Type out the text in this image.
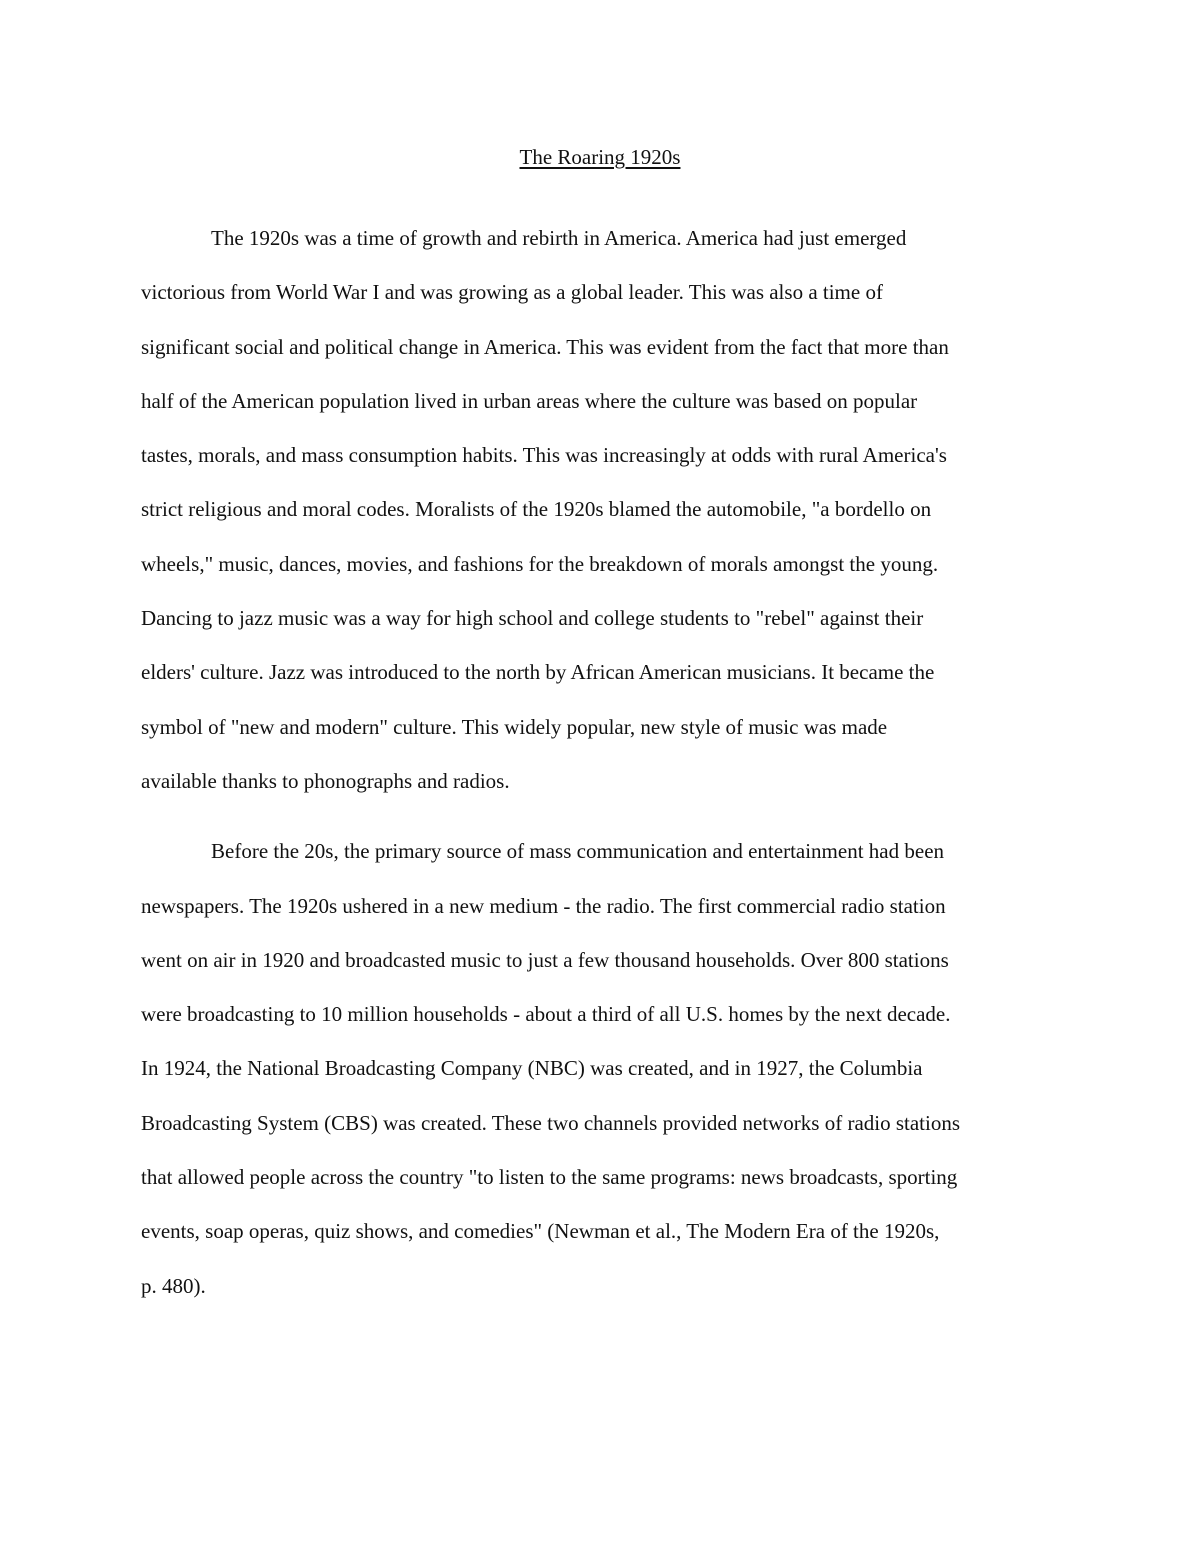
The Roaring 1920s

The 1920s was a time of growth and rebirth in America. America had just emerged
victorious from World War I and was growing as a global leader. This was also a time of
significant social and political change in America. This was evident from the fact that more than
half of the American population lived in urban areas where the culture was based on popular
tastes, morals, and mass consumption habits. This was increasingly at odds with rural America's
strict religious and moral codes. Moralists of the 1920s blamed the automobile, "a bordello on
wheels," music, dances, movies, and fashions for the breakdown of morals amongst the young.
Dancing to jazz music was a way for high school and college students to "rebel" against their
elders' culture. Jazz was introduced to the north by African American musicians. It became the
symbol of "new and modern" culture. This widely popular, new style of music was made
available thanks to phonographs and radios.

Before the 20s, the primary source of mass communication and entertainment had been
newspapers. The 1920s ushered in a new medium - the radio. The first commercial radio station
went on air in 1920 and broadcasted music to just a few thousand households. Over 800 stations
were broadcasting to 10 million households - about a third of all U.S. homes by the next decade.
In 1924, the National Broadcasting Company (NBC) was created, and in 1927, the Columbia
Broadcasting System (CBS) was created. These two channels provided networks of radio stations
that allowed people across the country "to listen to the same programs: news broadcasts, sporting
events, soap operas, quiz shows, and comedies" (Newman et al., The Modern Era of the 1920s,
p. 480).
